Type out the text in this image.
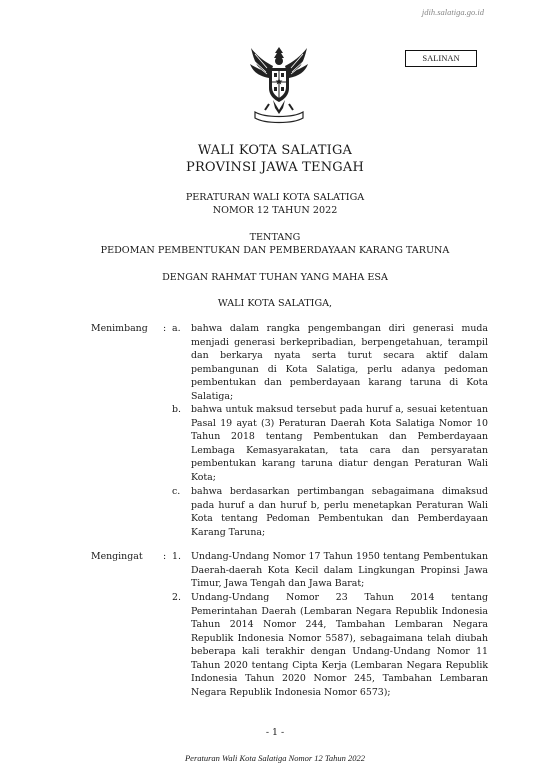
jdih.salatiga.go.id
SALINAN
WALI KOTA SALATIGA
PROVINSI JAWA TENGAH
PERATURAN WALI KOTA SALATIGA
NOMOR 12 TAHUN 2022
TENTANG
PEDOMAN PEMBENTUKAN DAN PEMBERDAYAAN KARANG TARUNA
DENGAN RAHMAT TUHAN YANG MAHA ESA
WALI KOTA SALATIGA,
Menimbang : a. bahwa dalam rangka pengembangan diri generasi muda menjadi generasi berkepribadian, berpengetahuan, terampil dan berkarya nyata serta turut secara aktif dalam pembangunan di Kota Salatiga, perlu adanya pedoman pembentukan dan pemberdayaan karang taruna di Kota Salatiga;
b. bahwa untuk maksud tersebut pada huruf a, sesuai ketentuan Pasal 19 ayat (3) Peraturan Daerah Kota Salatiga Nomor 10 Tahun 2018 tentang Pembentukan dan Pemberdayaan Lembaga Kemasyarakatan, tata cara dan persyaratan pembentukan karang taruna diatur dengan Peraturan Wali Kota;
c. bahwa berdasarkan pertimbangan sebagaimana dimaksud pada huruf a dan huruf b, perlu menetapkan Peraturan Wali Kota tentang Pedoman Pembentukan dan Pemberdayaan Karang Taruna;
Mengingat : 1. Undang-Undang Nomor 17 Tahun 1950 tentang Pembentukan Daerah-daerah Kota Kecil dalam Lingkungan Propinsi Jawa Timur, Jawa Tengah dan Jawa Barat;
2. Undang-Undang Nomor 23 Tahun 2014 tentang Pemerintahan Daerah (Lembaran Negara Republik Indonesia Tahun 2014 Nomor 244, Tambahan Lembaran Negara Republik Indonesia Nomor 5587), sebagaimana telah diubah beberapa kali terakhir dengan Undang-Undang Nomor 11 Tahun 2020 tentang Cipta Kerja (Lembaran Negara Republik Indonesia Tahun 2020 Nomor 245, Tambahan Lembaran Negara Republik Indonesia Nomor 6573);
- 1 -
Peraturan Wali Kota Salatiga Nomor 12 Tahun 2022
